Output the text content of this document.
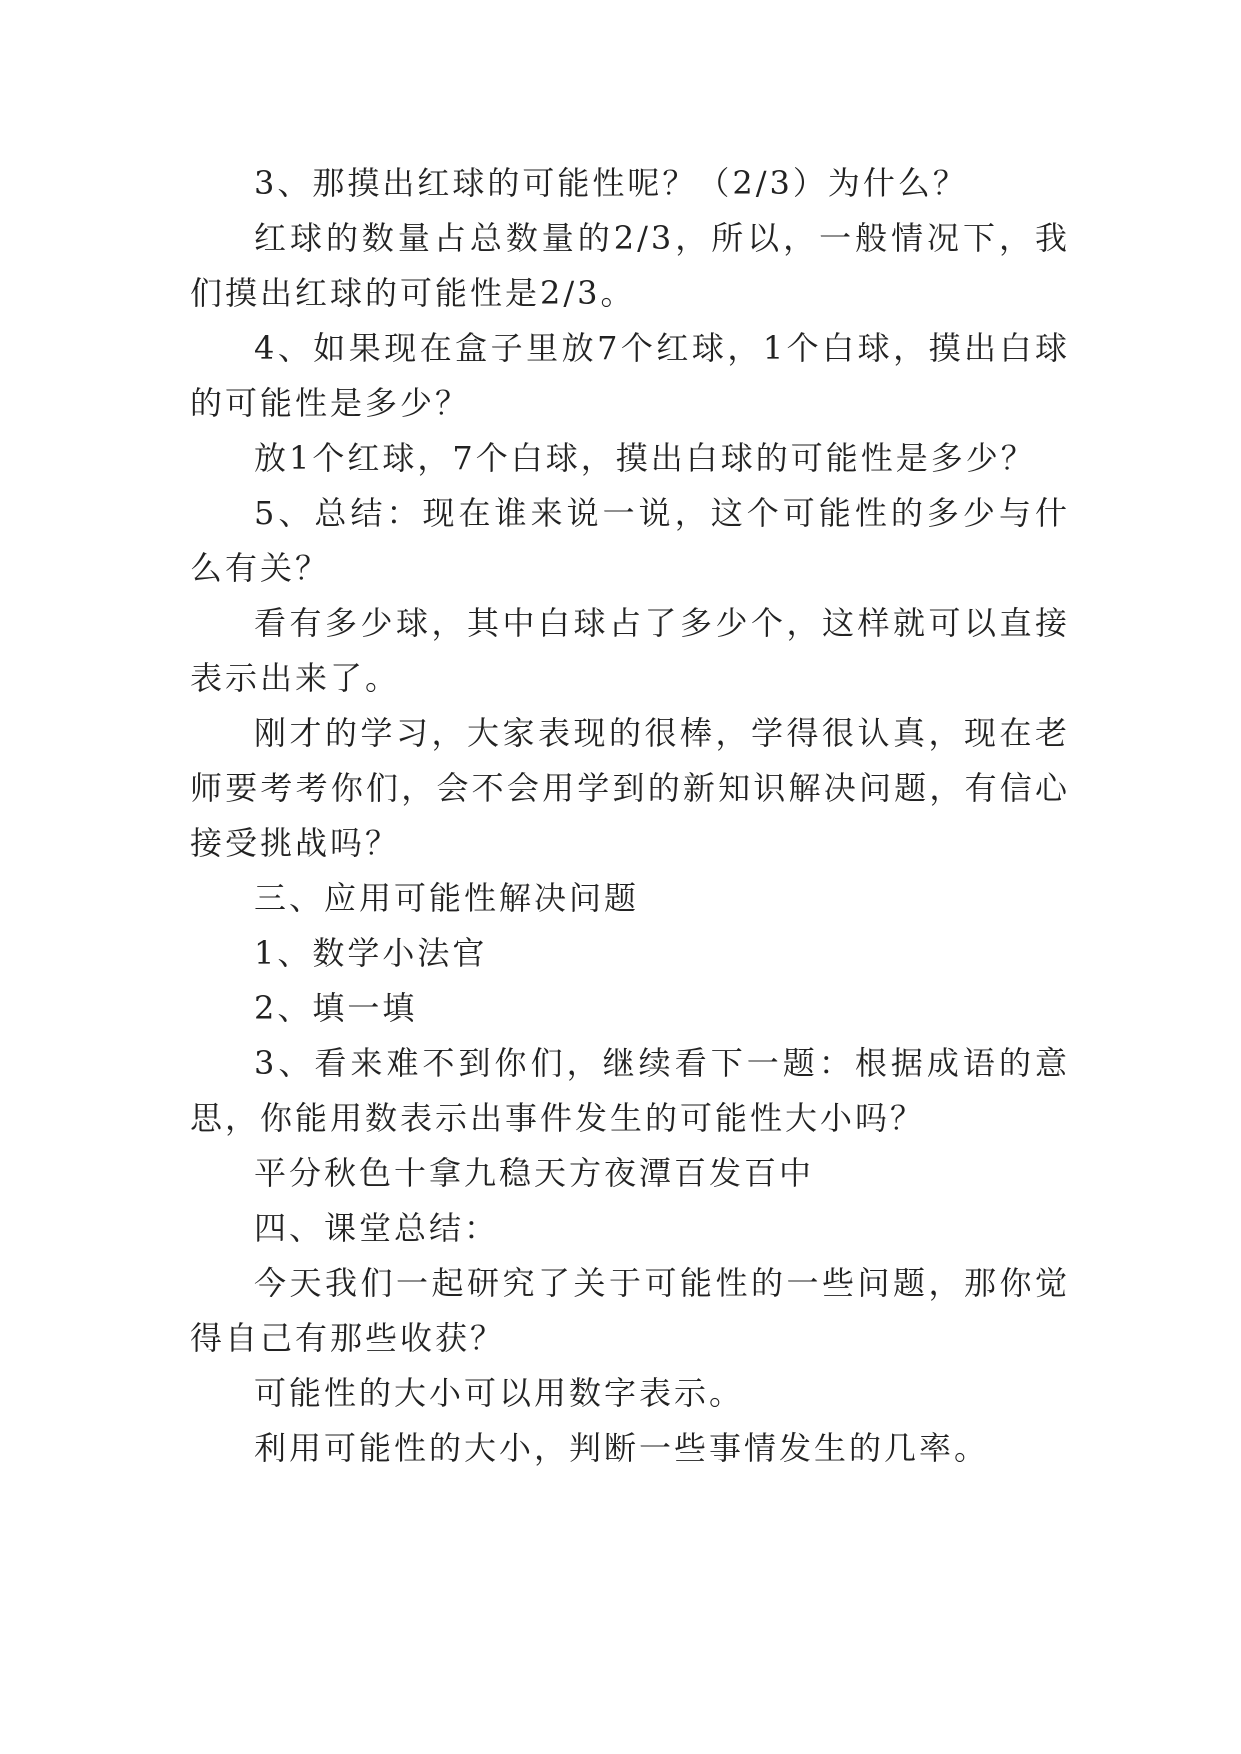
3、那摸出红球的可能性呢？（2/3）为什么？

红球的数量占总数量的2/3，所以，一般情况下，我们摸出红球的可能性是2/3。

4、如果现在盒子里放7个红球，1个白球，摸出白球的可能性是多少？

放1个红球，7个白球，摸出白球的可能性是多少？

5、总结：现在谁来说一说，这个可能性的多少与什么有关？

看有多少球，其中白球占了多少个，这样就可以直接表示出来了。

刚才的学习，大家表现的很棒，学得很认真，现在老师要考考你们，会不会用学到的新知识解决问题，有信心接受挑战吗？

三、应用可能性解决问题

1、数学小法官

2、填一填

3、看来难不到你们，继续看下一题：根据成语的意思，你能用数表示出事件发生的可能性大小吗？

平分秋色十拿九稳天方夜潭百发百中

四、课堂总结：

今天我们一起研究了关于可能性的一些问题，那你觉得自己有那些收获？

可能性的大小可以用数字表示。

利用可能性的大小，判断一些事情发生的几率。
